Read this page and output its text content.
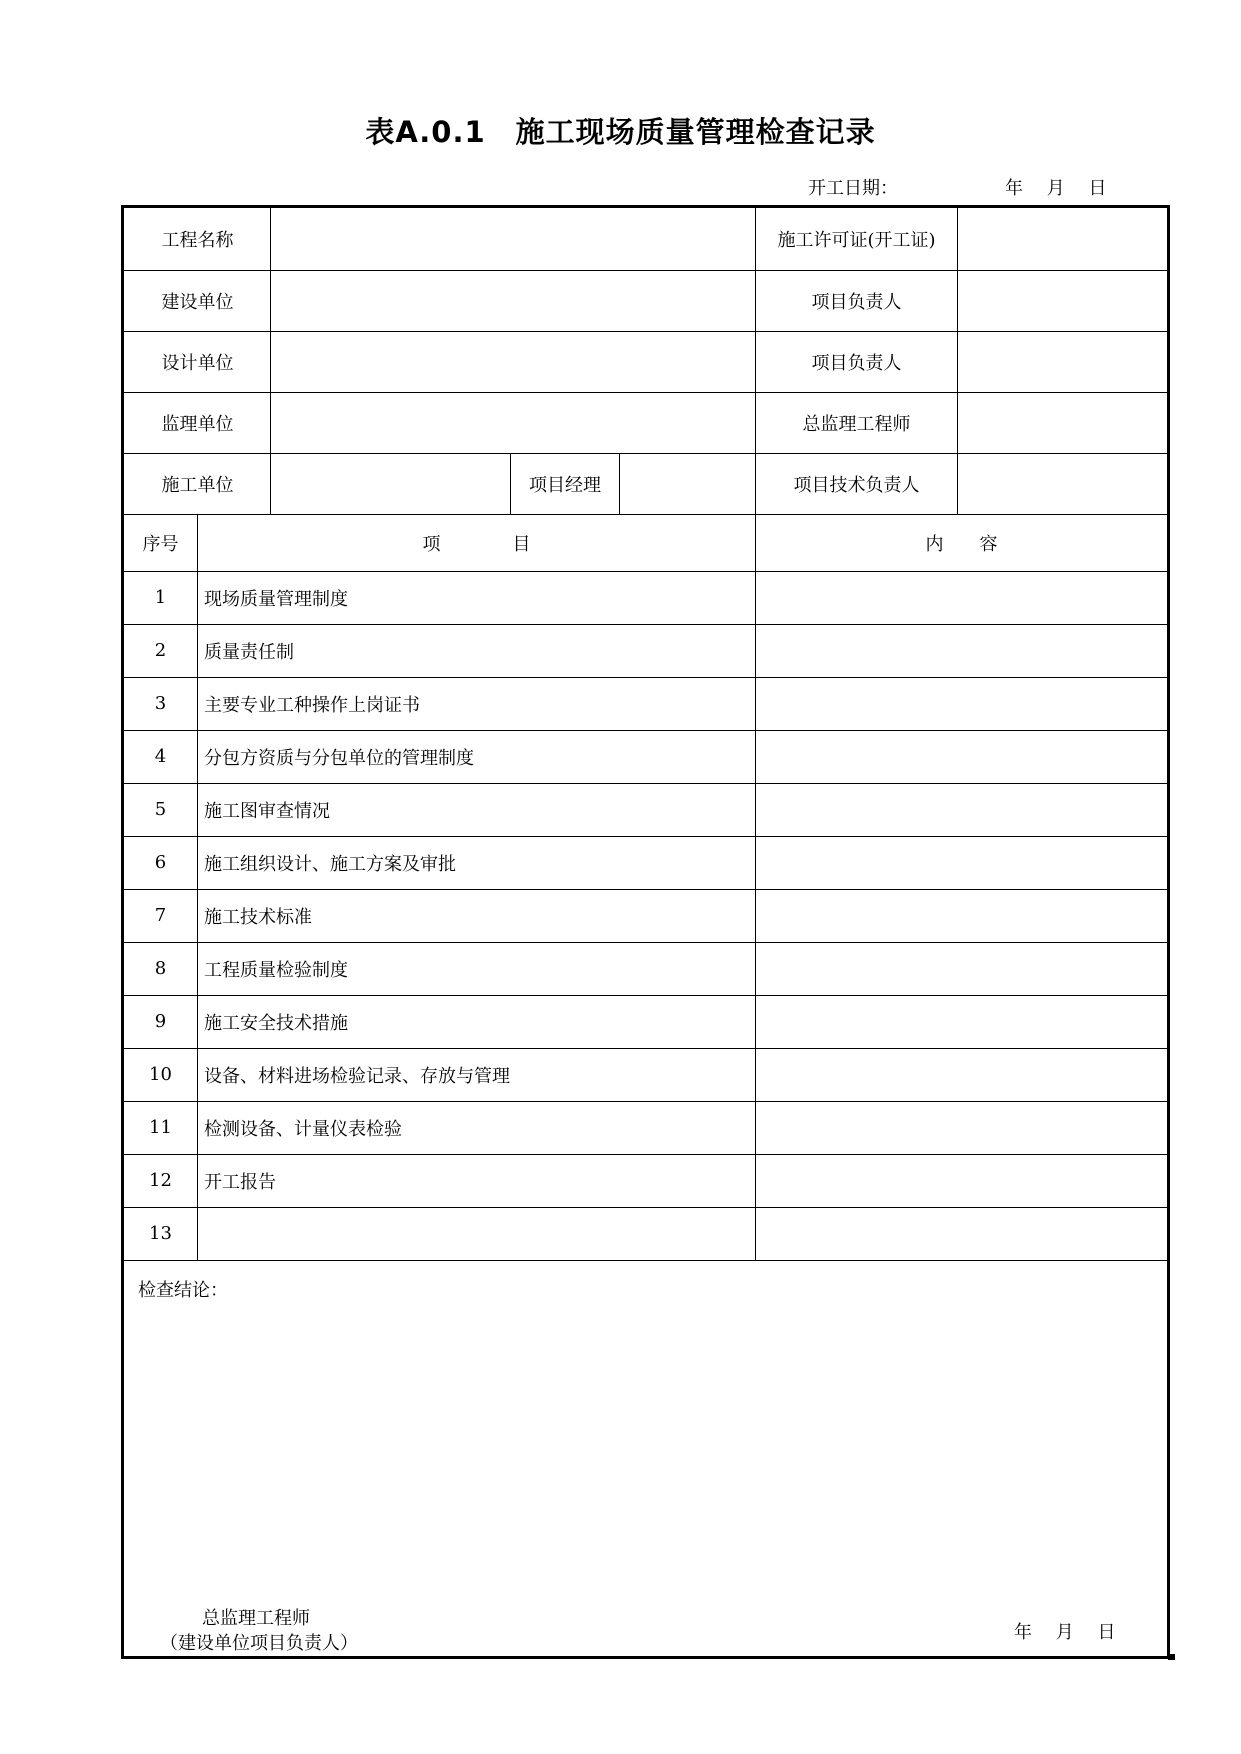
表A.0.1　施工现场质量管理检查记录
开工日期：	年 月 日
工程名称	施工许可证(开工证)
建设单位	项目负责人
设计单位	项目负责人
监理单位	总监理工程师
施工单位	项目经理	项目技术负责人
序号	项　　　　目	内　　容
1	现场质量管理制度
2	质量责任制
3	主要专业工种操作上岗证书
4	分包方资质与分包单位的管理制度
5	施工图审查情况
6	施工组织设计、施工方案及审批
7	施工技术标准
8	工程质量检验制度
9	施工安全技术措施
10	设备、材料进场检验记录、存放与管理
11	检测设备、计量仪表检验
12	开工报告
13
检查结论：
总监理工程师
（建设单位项目负责人）
年 月 日
